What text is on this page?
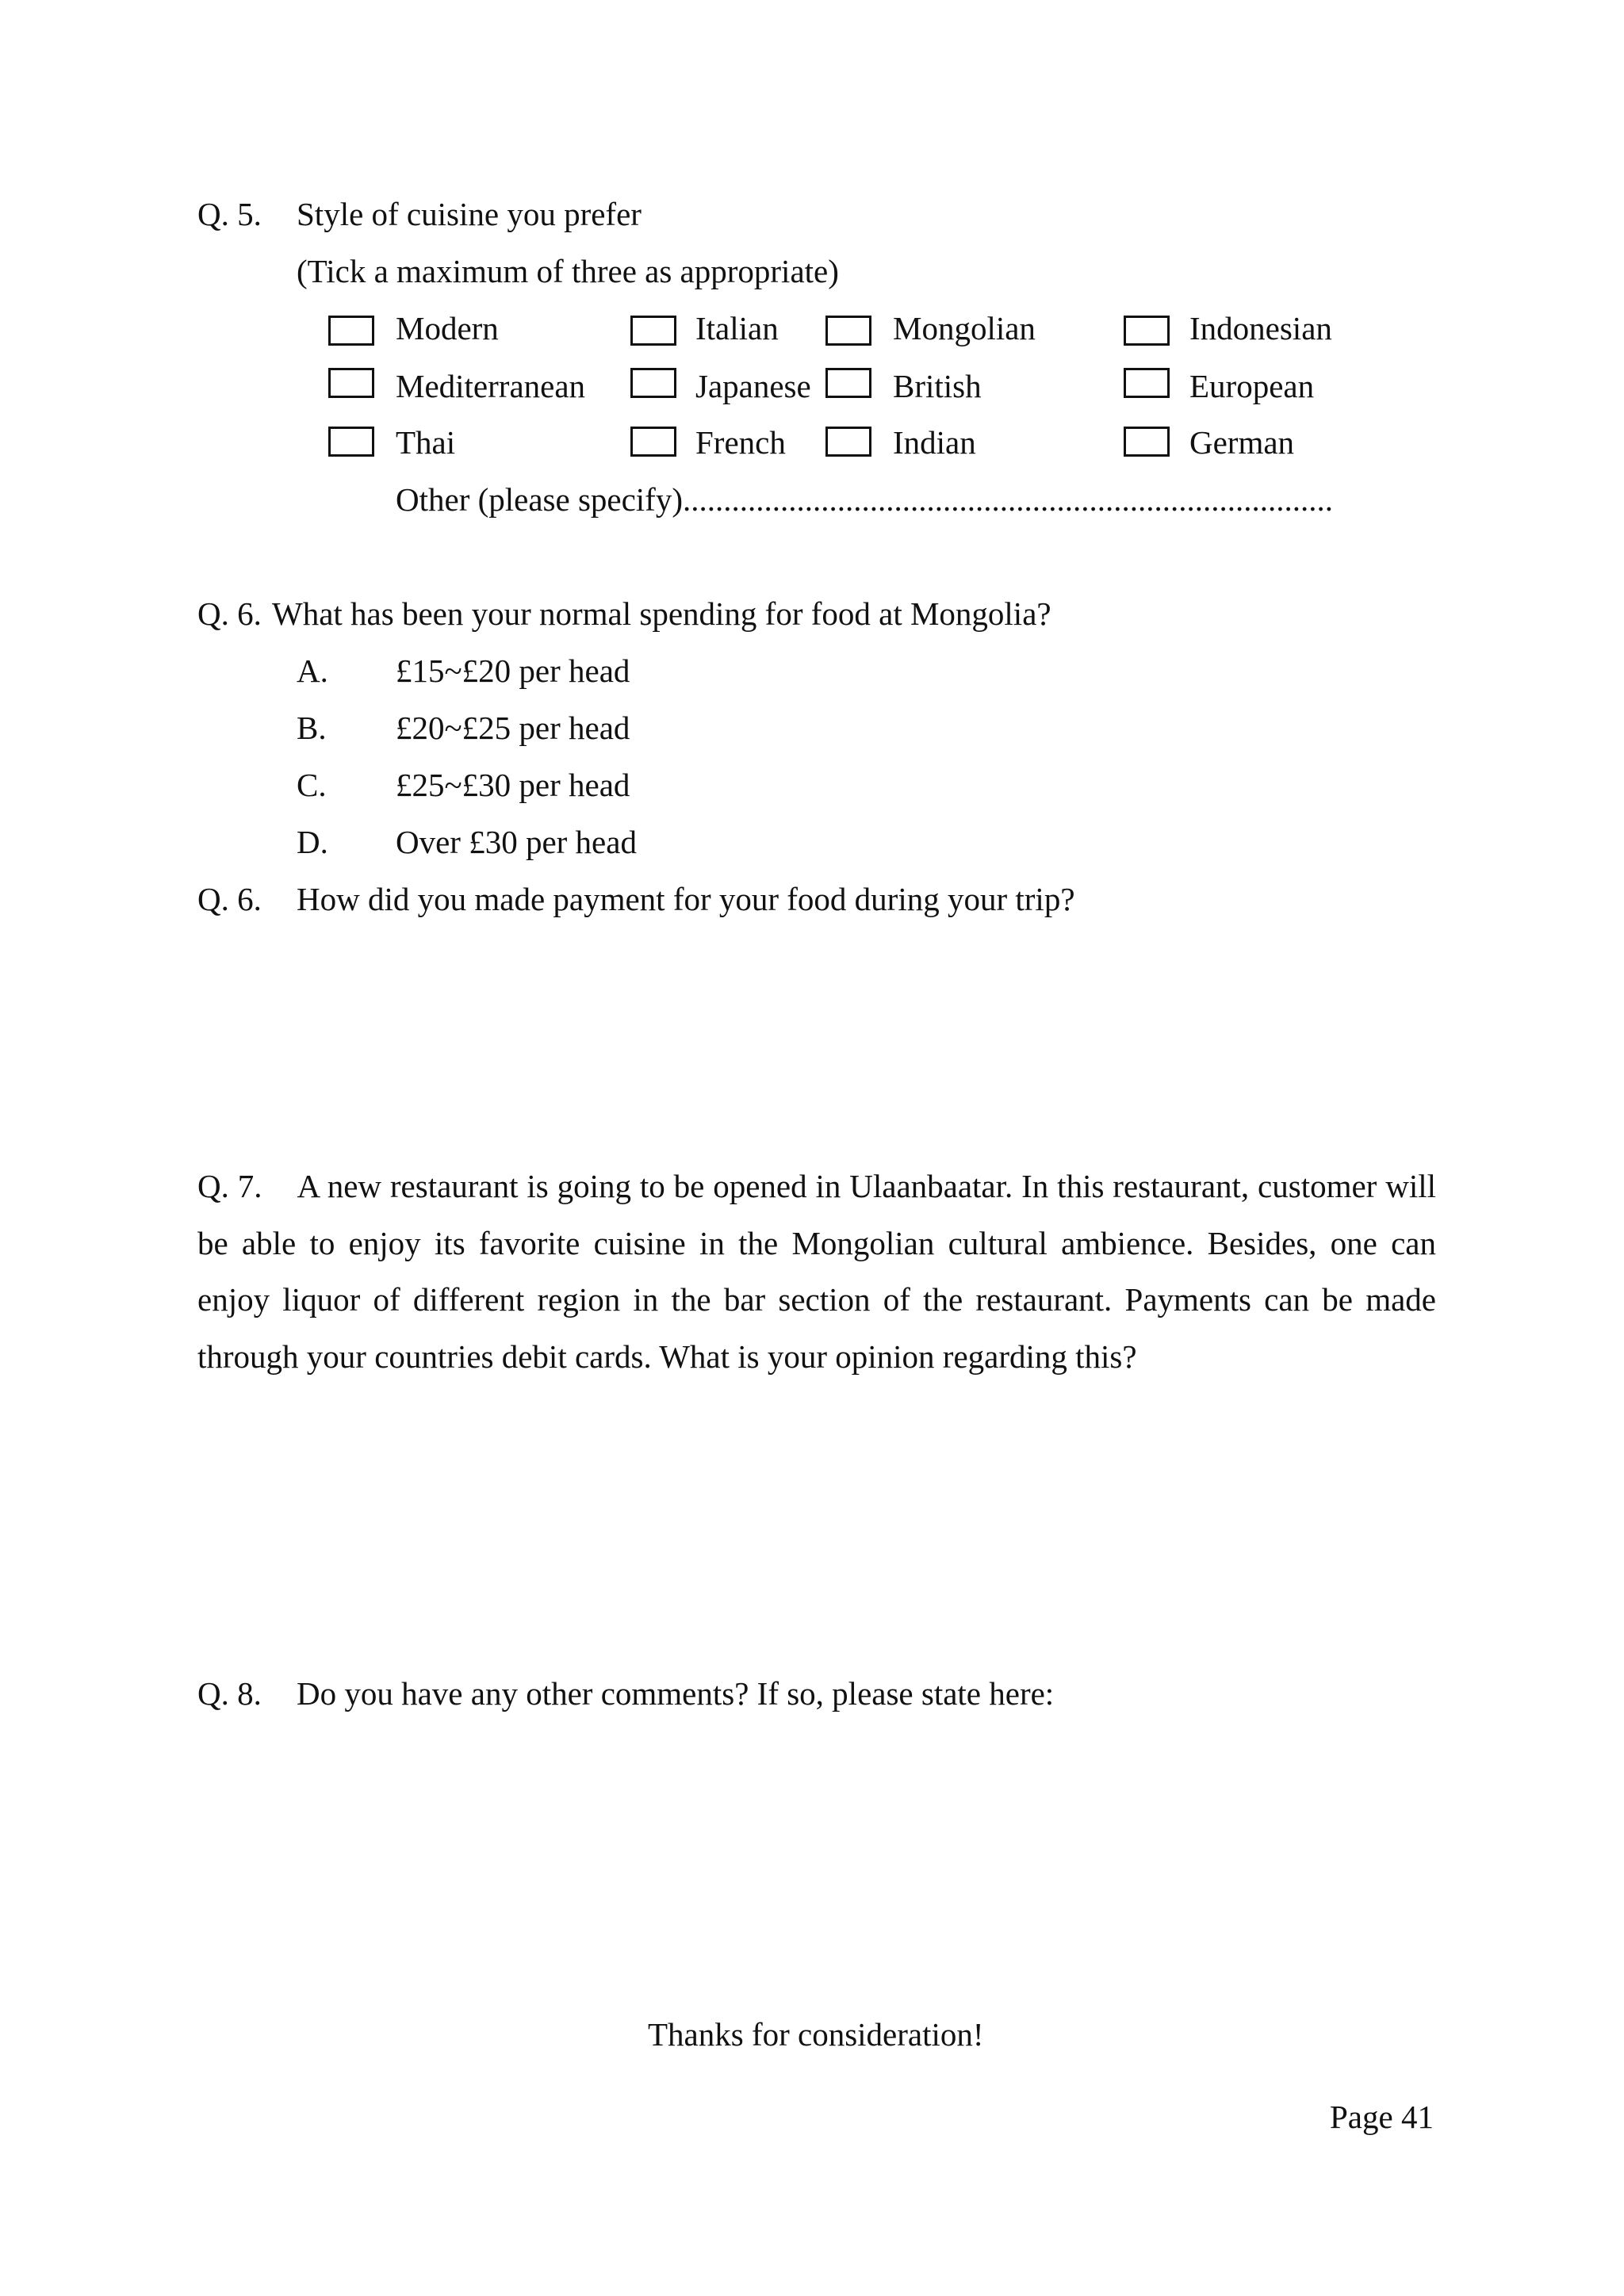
Q. 5. Style of cuisine you prefer
(Tick a maximum of three as appropriate)
Modern	Italian	Mongolian	Indonesian
Mediterranean	Japanese	British	European
Thai	French	Indian	German
Other (please specify)................................................................................
Q. 6. What has been your normal spending for food at Mongolia?
A. £15~£20 per head
B. £20~£25 per head
C. £25~£30 per head
D. Over £30 per head
Q. 6. How did you made payment for your food during your trip?
Q. 7. A new restaurant is going to be opened in Ulaanbaatar. In this restaurant, customer will be able to enjoy its favorite cuisine in the Mongolian cultural ambience. Besides, one can enjoy liquor of different region in the bar section of the restaurant. Payments can be made through your countries debit cards. What is your opinion regarding this?
Q. 8. Do you have any other comments? If so, please state here:
Thanks for consideration!
Page 41
